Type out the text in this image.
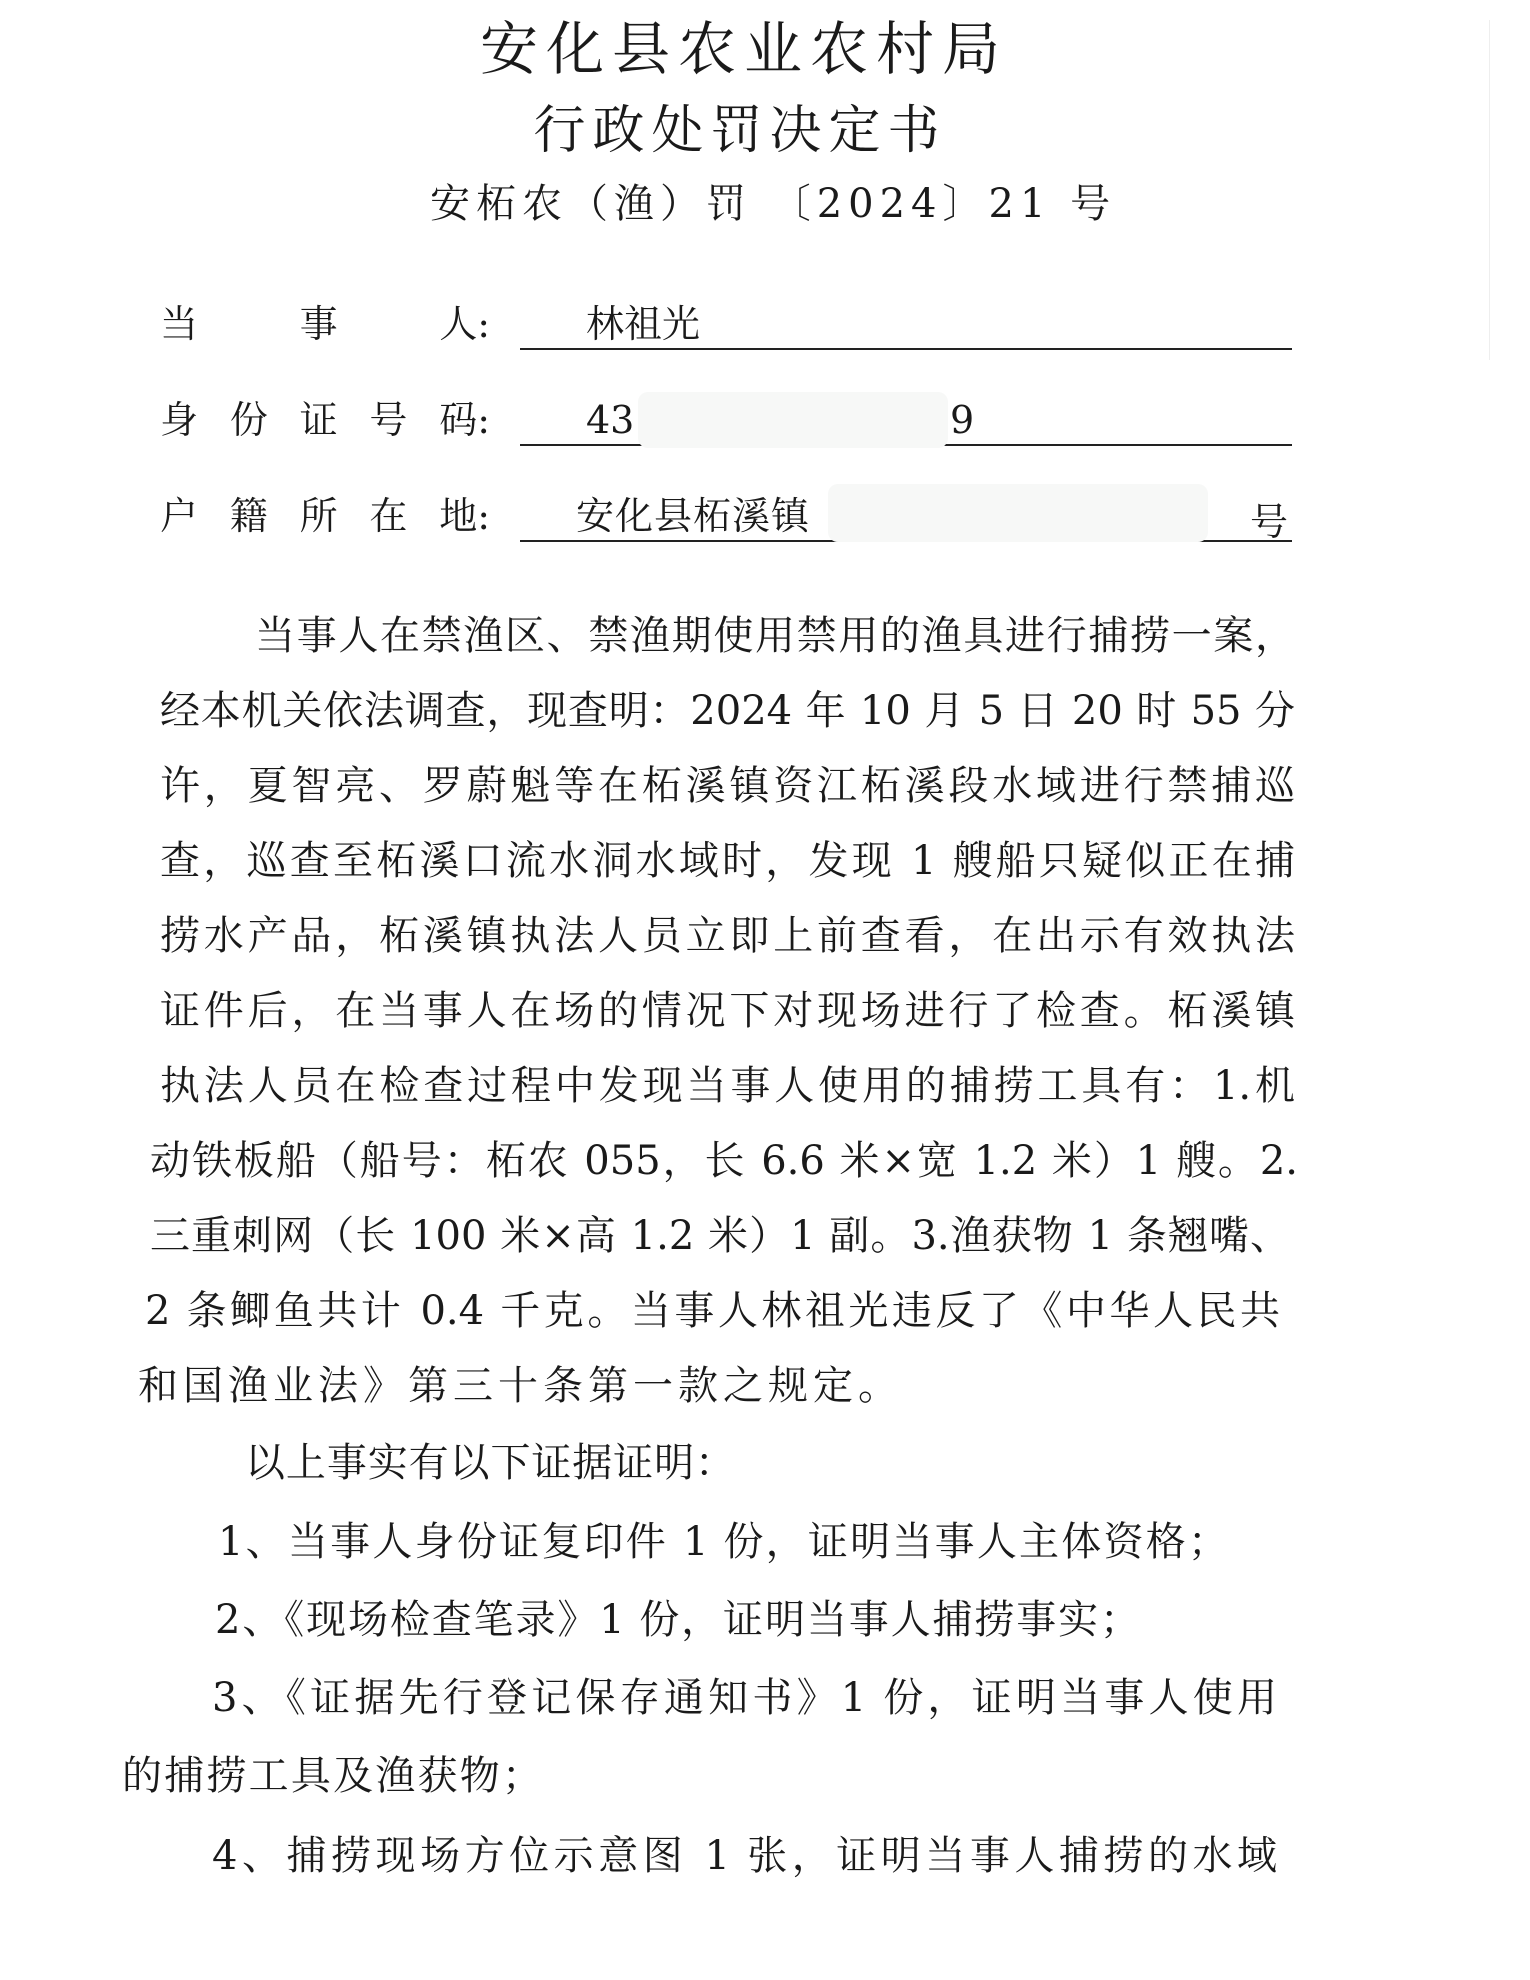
安化县农业农村局
行政处罚决定书
安柘农（渔）罚 〔2024〕21 号
当	事	人:	林祖光
身 份 证 号 码:	43	9
户 籍 所 在 地: 安化县柘溪镇	号
当事人在禁渔区、禁渔期使用禁用的渔具进行捕捞一案，
经本机关依法调查，现查明：2024 年 10 月 5 日 20 时 55 分
许，夏智亮、罗蔚魁等在柘溪镇资江柘溪段水域进行禁捕巡
查，巡查至柘溪口流水洞水域时，发现 1 艘船只疑似正在捕
捞水产品，柘溪镇执法人员立即上前查看，在出示有效执法
证件后，在当事人在场的情况下对现场进行了检查。柘溪镇
执法人员在检查过程中发现当事人使用的捕捞工具有：1.机
动铁板船（船号：柘农 055，长 6.6 米×宽 1.2 米）1 艘。2.
三重刺网（长 100 米×高 1.2 米）1 副。3.渔获物 1 条翘嘴、
2 条鲫鱼共计 0.4 千克。当事人林祖光违反了《中华人民共
和国渔业法》第三十条第一款之规定。
以上事实有以下证据证明：
1、当事人身份证复印件 1 份，证明当事人主体资格；
2、《现场检查笔录》1 份，证明当事人捕捞事实；
3、《证据先行登记保存通知书》1 份，证明当事人使用
的捕捞工具及渔获物；
4、捕捞现场方位示意图 1 张，证明当事人捕捞的水域
